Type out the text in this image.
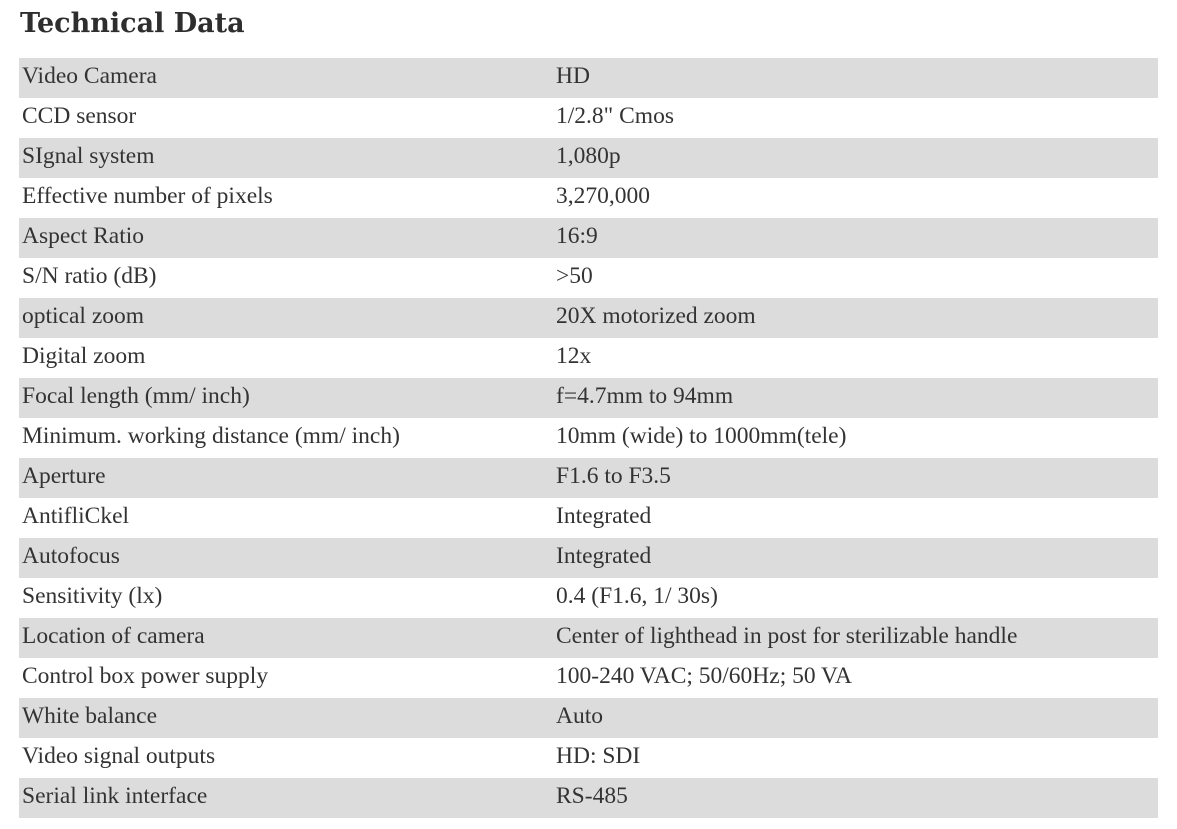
Technical Data
Video Camera	HD
CCD sensor	1/2.8" Cmos
SIgnal system	1,080p
Effective number of pixels	3,270,000
Aspect Ratio	16:9
S/N ratio (dB)	>50
optical zoom	20X motorized zoom
Digital zoom	12x
Focal length (mm/ inch)	f=4.7mm to 94mm
Minimum. working distance (mm/ inch)	10mm (wide) to 1000mm(tele)
Aperture	F1.6 to F3.5
AntifliCkel	Integrated
Autofocus	Integrated
Sensitivity (lx)	0.4 (F1.6, 1/ 30s)
Location of camera	Center of lighthead in post for sterilizable handle
Control box power supply	100-240 VAC; 50/60Hz; 50 VA
White balance	Auto
Video signal outputs	HD: SDI
Serial link interface	RS-485
